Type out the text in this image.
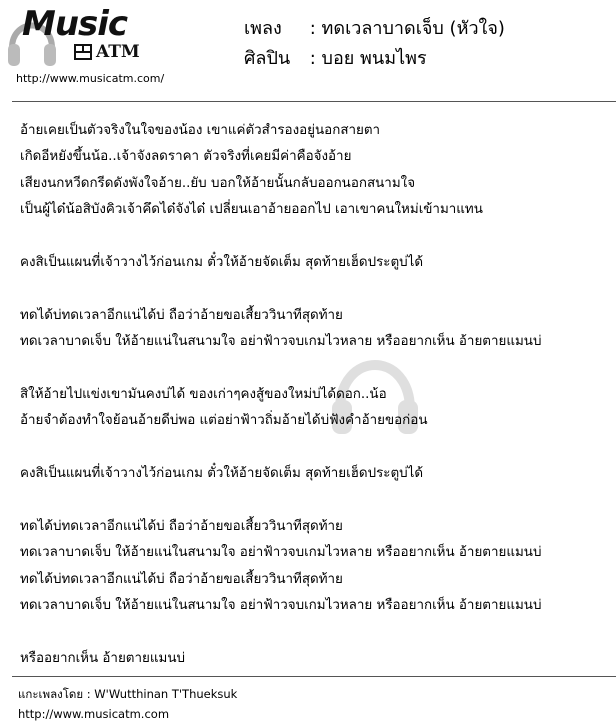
Music
ATM
http://www.musicatm.com/
เพลง : ทดเวลาบาดเจ็บ (หัวใจ)
ศิลปิน : บอย พนมไพร
อ้ายเคยเป็นตัวจริงในใจของน้อง เขาแค่ตัวสำรองอยู่นอกสายตา
เกิดอีหยังขึ้นน้อ..เจ้าจังลดราคา ตัวจริงที่เคยมีค่าคือจังอ้าย
เสียงนกหวีดกรีดดังพังใจอ้าย..ยับ บอกให้อ้ายนั้นกลับออกนอกสนามใจ
เป็นผู้ได๋น้อสิบังคิวเจ้าคึดได๋จังได๋ เปลี่ยนเอาอ้ายออกไป เอาเขาคนใหม่เข้ามาแทน
คงสิเป็นแผนที่เจ้าวางไว้ก่อนเกม ตั๋วให้อ้ายจัดเต็ม สุดท้ายเฮ็ดประตูบ่ได้
ทดได้บ่ทดเวลาอีกแน่ได้บ่ ถือว่าอ้ายขอเสี้ยววินาทีสุดท้าย
ทดเวลาบาดเจ็บ ให้อ้ายแน่ในสนามใจ อย่าฟ้าวจบเกมไวหลาย หรืออยากเห็น อ้ายตายแมนบ่
สิให้อ้ายไปแข่งเขามันคงบ่ได้ ของเก่าๆคงสู้ของใหม่บ่ได้ดอก..น้อ
อ้ายจำต้องทำใจย้อนอ้ายดีบ่พอ แต่อย่าฟ้าวถิ่มอ้ายได้บ่ฟังคำอ้ายขอก่อน
คงสิเป็นแผนที่เจ้าวางไว้ก่อนเกม ตั๋วให้อ้ายจัดเต็ม สุดท้ายเฮ็ดประตูบ่ได้
ทดได้บ่ทดเวลาอีกแน่ได้บ่ ถือว่าอ้ายขอเสี้ยววินาทีสุดท้าย
ทดเวลาบาดเจ็บ ให้อ้ายแน่ในสนามใจ อย่าฟ้าวจบเกมไวหลาย หรืออยากเห็น อ้ายตายแมนบ่
ทดได้บ่ทดเวลาอีกแน่ได้บ่ ถือว่าอ้ายขอเสี้ยววินาทีสุดท้าย
ทดเวลาบาดเจ็บ ให้อ้ายแน่ในสนามใจ อย่าฟ้าวจบเกมไวหลาย หรืออยากเห็น อ้ายตายแมนบ่
หรืออยากเห็น อ้ายตายแมนบ่
แกะเพลงโดย : W'Wutthinan T'Thueksuk
http://www.musicatm.com
